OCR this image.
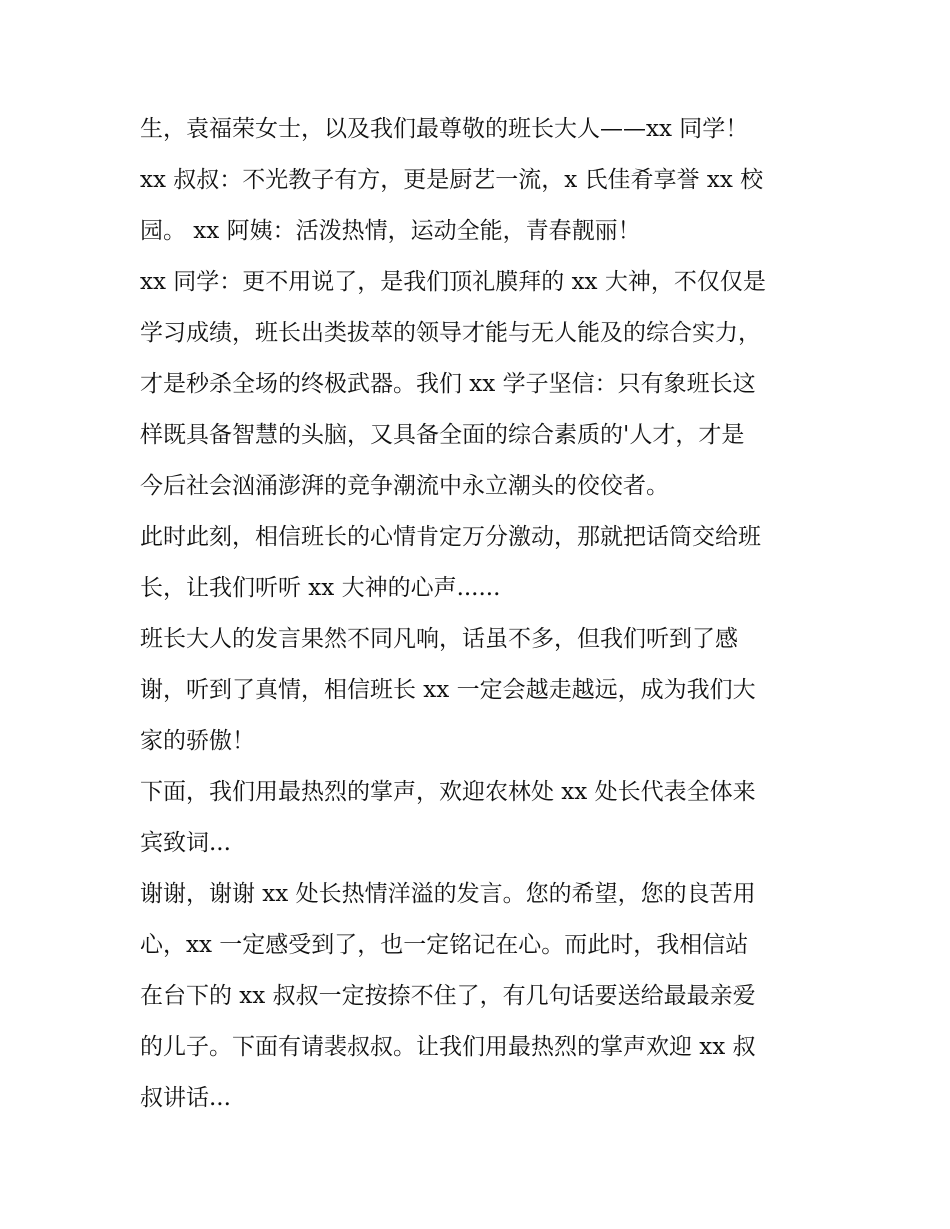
生，袁福荣女士，以及我们最尊敬的班长大人——xx 同学！
xx 叔叔：不光教子有方，更是厨艺一流，x 氏佳肴享誉 xx 校
园。 xx 阿姨：活泼热情，运动全能，青春靓丽！
xx 同学：更不用说了，是我们顶礼膜拜的 xx 大神，不仅仅是
学习成绩，班长出类拔萃的领导才能与无人能及的综合实力，
才是秒杀全场的终极武器。我们 xx 学子坚信：只有象班长这
样既具备智慧的头脑，又具备全面的综合素质的'人才，才是
今后社会汹涌澎湃的竞争潮流中永立潮头的佼佼者。
此时此刻，相信班长的心情肯定万分激动，那就把话筒交给班
长，让我们听听 xx 大神的心声......
班长大人的发言果然不同凡响，话虽不多，但我们听到了感
谢，听到了真情，相信班长 xx 一定会越走越远，成为我们大
家的骄傲！
下面，我们用最热烈的掌声，欢迎农林处 xx 处长代表全体来
宾致词...
谢谢，谢谢 xx 处长热情洋溢的发言。您的希望，您的良苦用
心，xx 一定感受到了，也一定铭记在心。而此时，我相信站
在台下的 xx 叔叔一定按捺不住了，有几句话要送给最最亲爱
的儿子。下面有请裴叔叔。让我们用最热烈的掌声欢迎 xx 叔
叔讲话...
